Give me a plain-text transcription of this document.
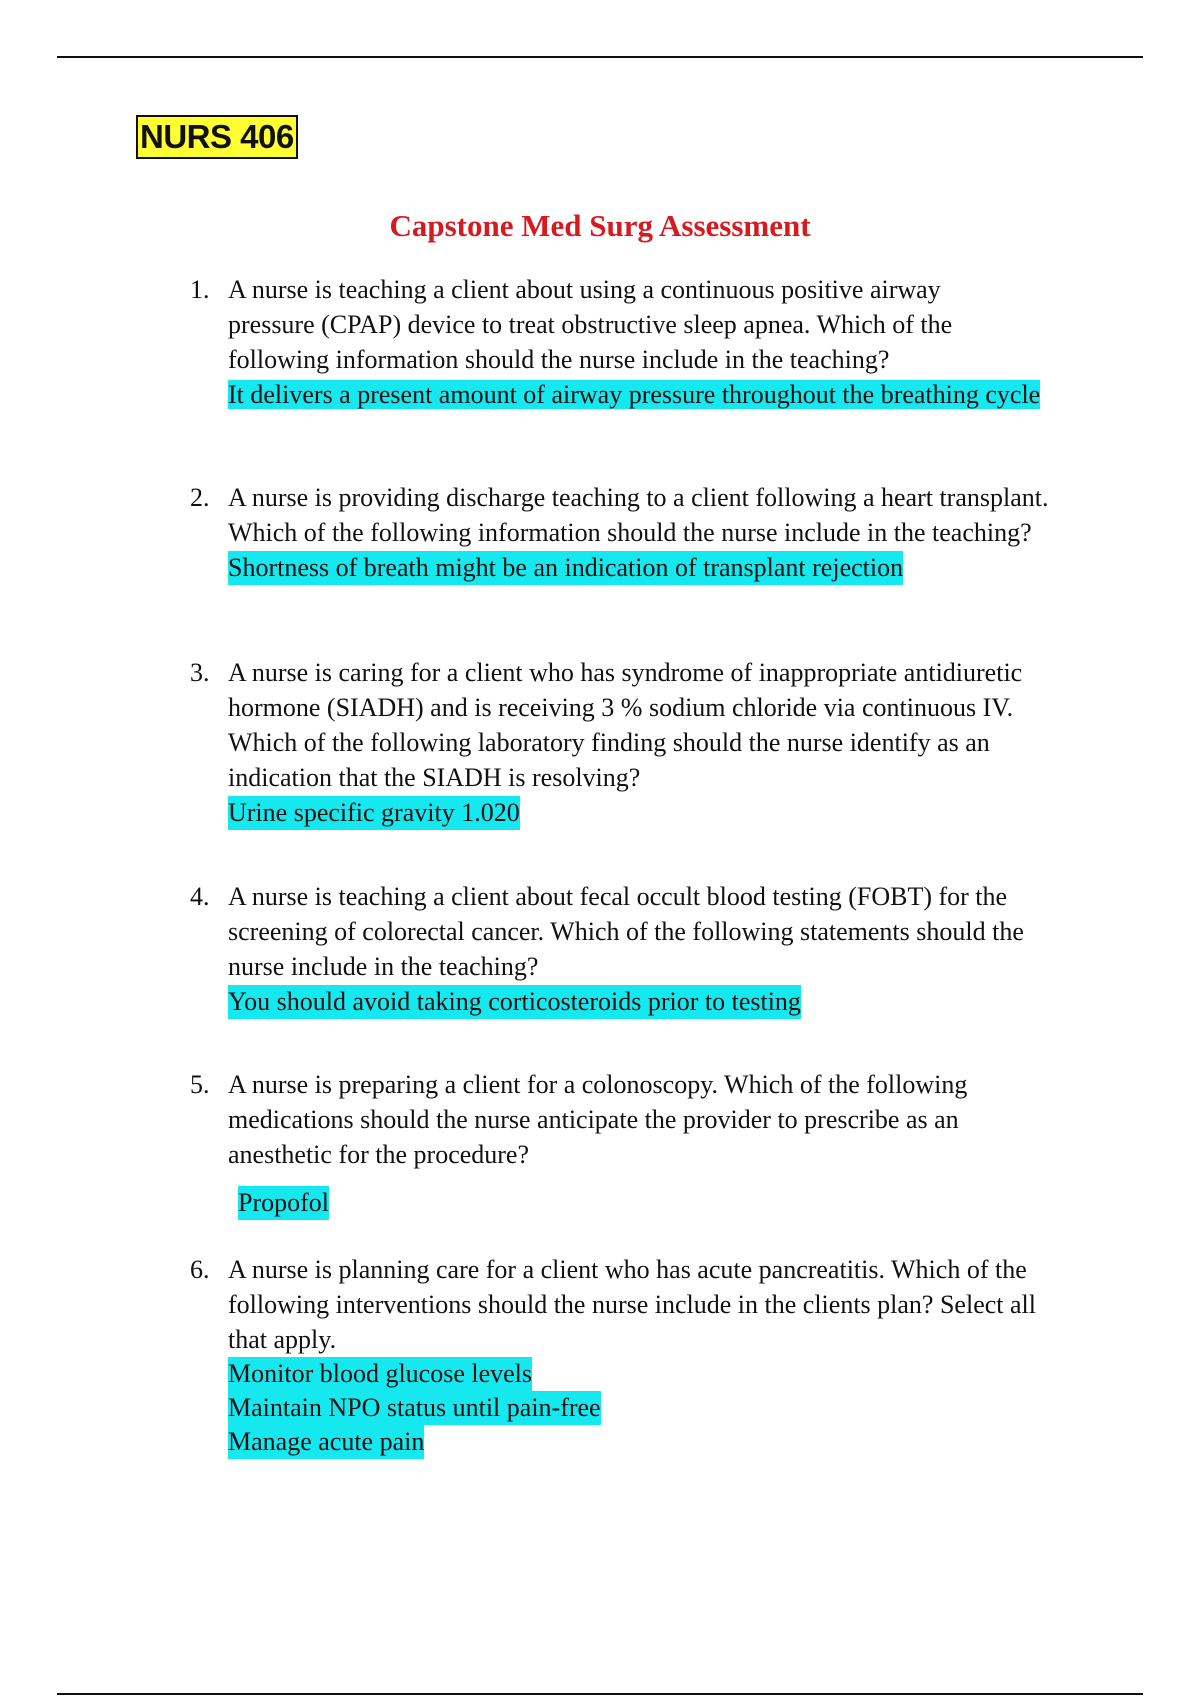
NURS 406
Capstone Med Surg Assessment
1. A nurse is teaching a client about using a continuous positive airway pressure (CPAP) device to treat obstructive sleep apnea. Which of the following information should the nurse include in the teaching?
It delivers a present amount of airway pressure throughout the breathing cycle
2. A nurse is providing discharge teaching to a client following a heart transplant. Which of the following information should the nurse include in the teaching?
Shortness of breath might be an indication of transplant rejection
3. A nurse is caring for a client who has syndrome of inappropriate antidiuretic hormone (SIADH) and is receiving 3 % sodium chloride via continuous IV. Which of the following laboratory finding should the nurse identify as an indication that the SIADH is resolving?
Urine specific gravity 1.020
4. A nurse is teaching a client about fecal occult blood testing (FOBT) for the screening of colorectal cancer. Which of the following statements should the nurse include in the teaching?
You should avoid taking corticosteroids prior to testing
5. A nurse is preparing a client for a colonoscopy. Which of the following medications should the nurse anticipate the provider to prescribe as an anesthetic for the procedure?
Propofol
6. A nurse is planning care for a client who has acute pancreatitis. Which of the following interventions should the nurse include in the clients plan? Select all that apply.
Monitor blood glucose levels
Maintain NPO status until pain-free
Manage acute pain
